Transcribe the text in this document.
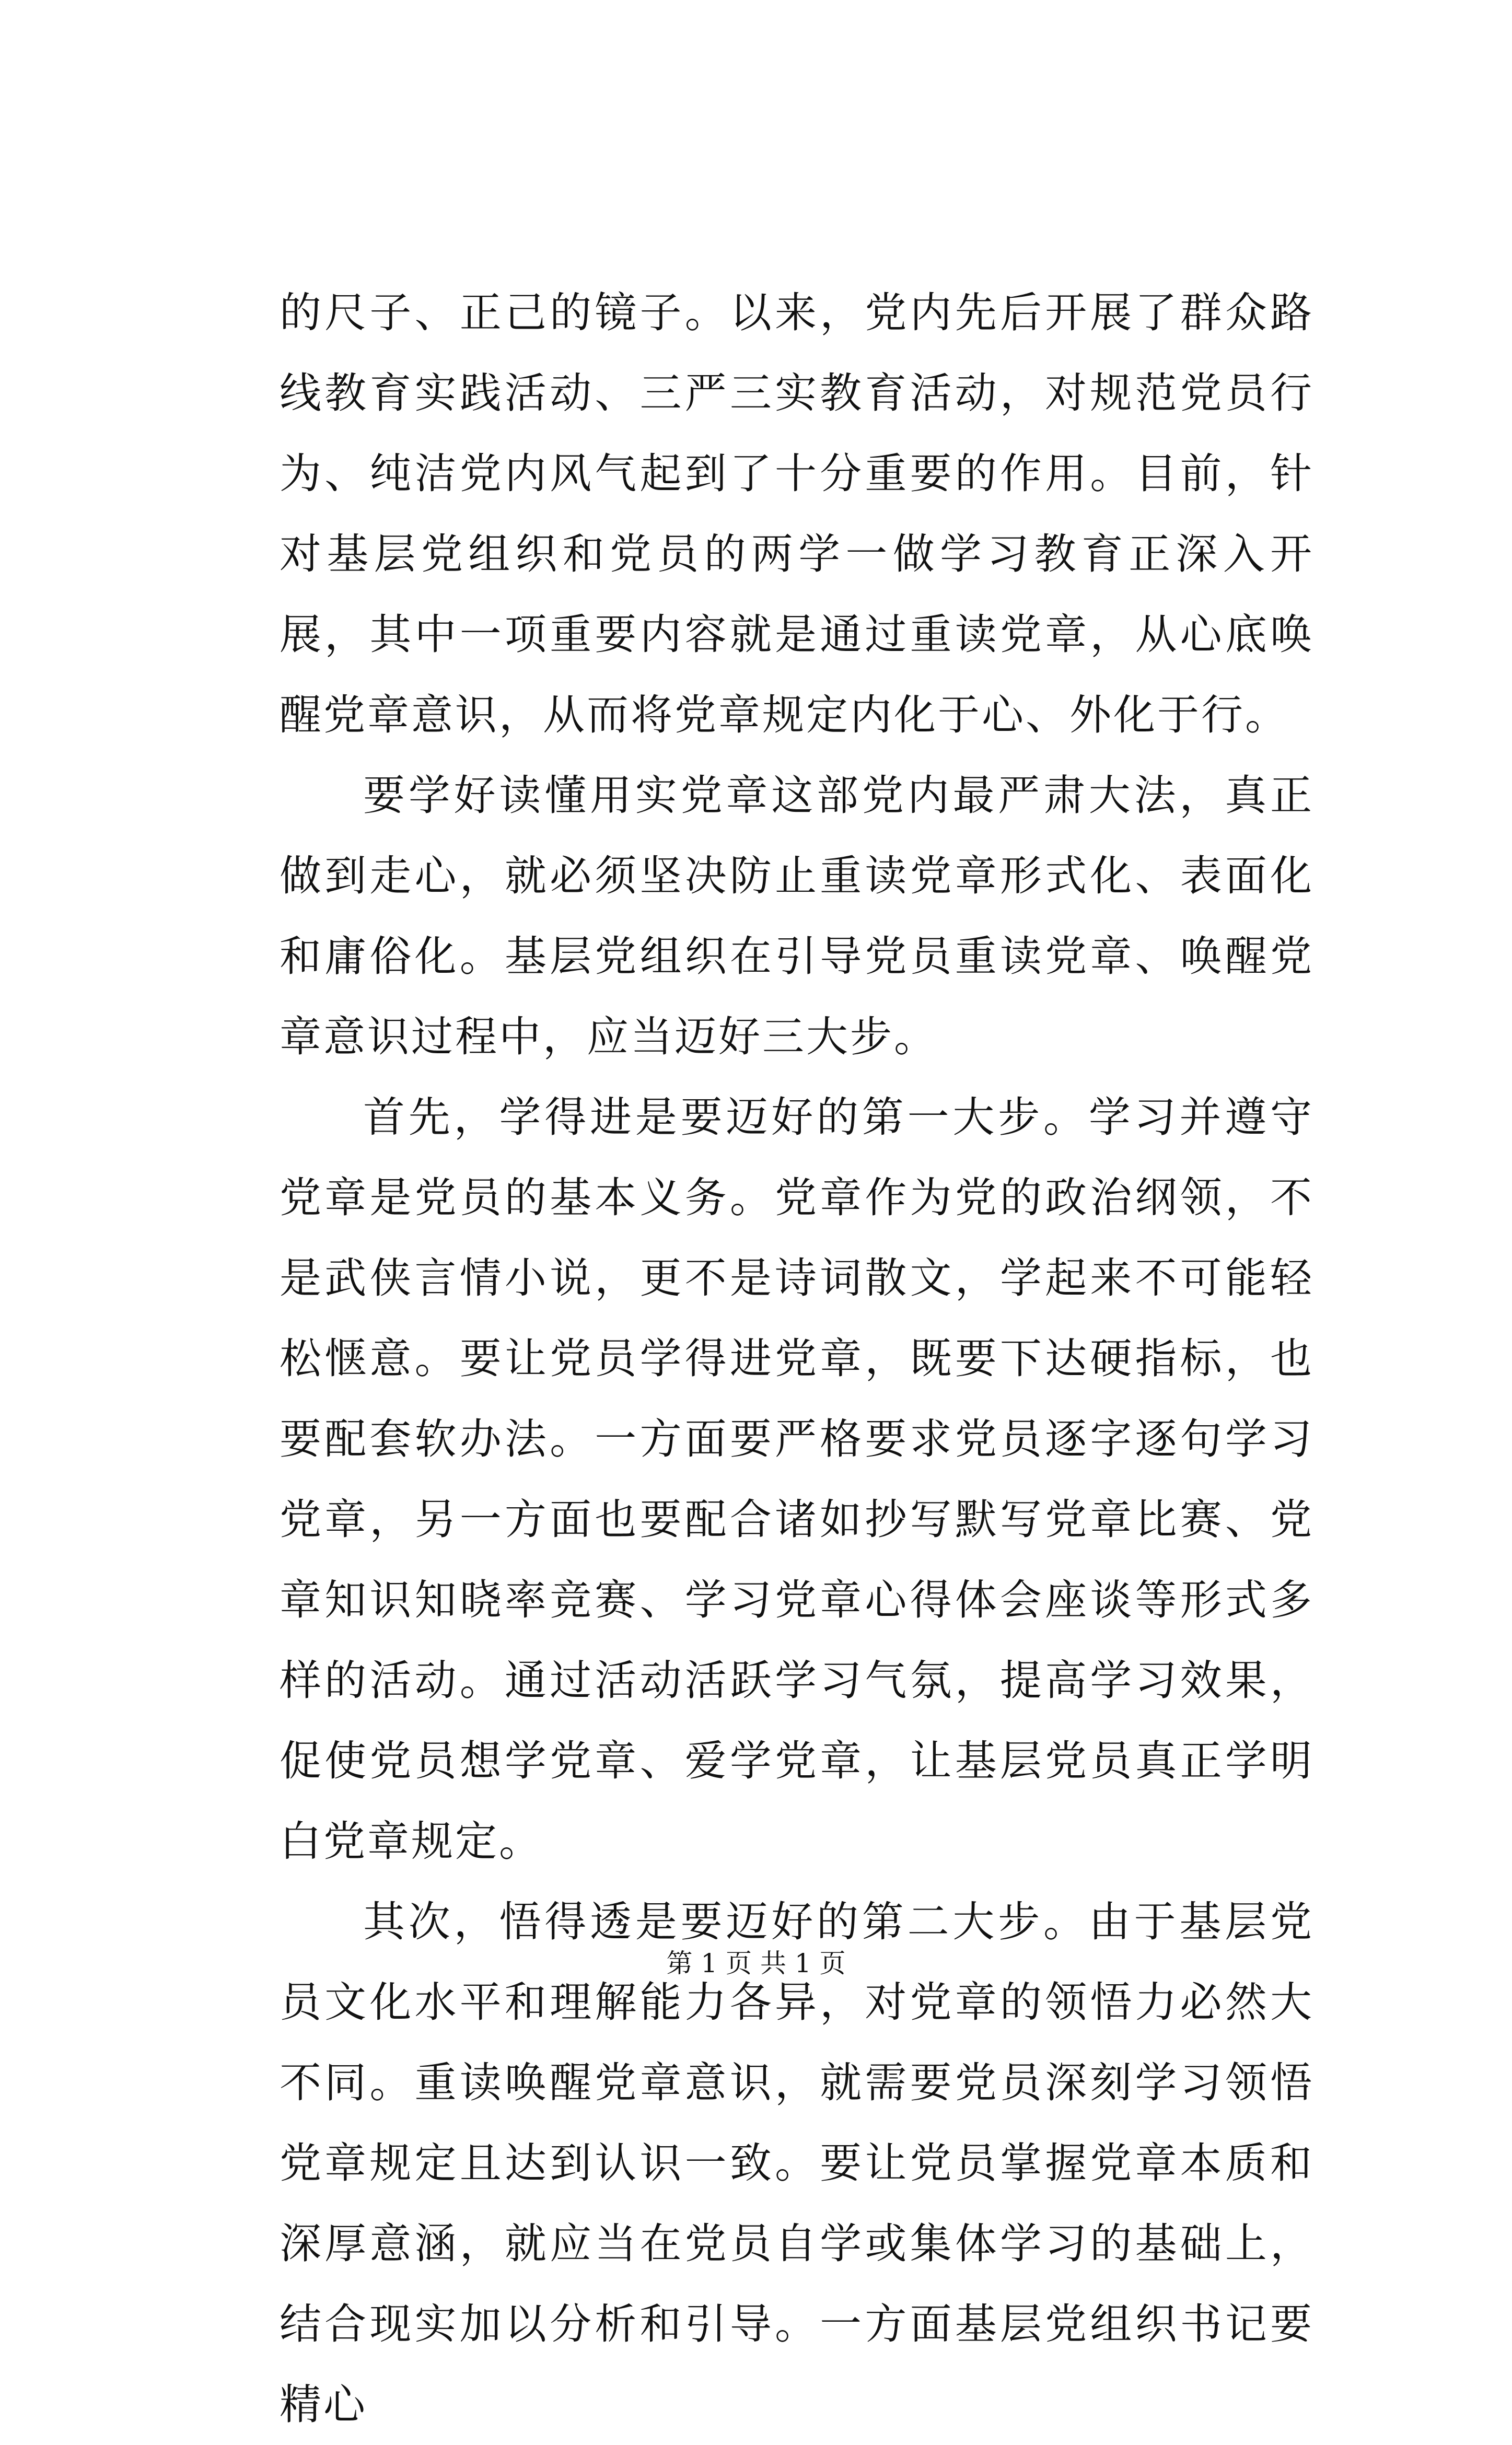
的尺子、正己的镜子。以来，党内先后开展了群众路线教育实践活动、三严三实教育活动，对规范党员行为、纯洁党内风气起到了十分重要的作用。目前，针对基层党组织和党员的两学一做学习教育正深入开展，其中一项重要内容就是通过重读党章，从心底唤醒党章意识，从而将党章规定内化于心、外化于行。

要学好读懂用实党章这部党内最严肃大法，真正做到走心，就必须坚决防止重读党章形式化、表面化和庸俗化。基层党组织在引导党员重读党章、唤醒党章意识过程中，应当迈好三大步。

首先，学得进是要迈好的第一大步。学习并遵守党章是党员的基本义务。党章作为党的政治纲领，不是武侠言情小说，更不是诗词散文，学起来不可能轻松惬意。要让党员学得进党章，既要下达硬指标，也要配套软办法。一方面要严格要求党员逐字逐句学习党章，另一方面也要配合诸如抄写默写党章比赛、党章知识知晓率竞赛、学习党章心得体会座谈等形式多样的活动。通过活动活跃学习气氛，提高学习效果，促使党员想学党章、爱学党章，让基层党员真正学明白党章规定。

其次，悟得透是要迈好的第二大步。由于基层党员文化水平和理解能力各异，对党章的领悟力必然大不同。重读唤醒党章意识，就需要党员深刻学习领悟党章规定且达到认识一致。要让党员掌握党章本质和深厚意涵，就应当在党员自学或集体学习的基础上，结合现实加以分析和引导。一方面基层党组织书记要精心

第 1 页 共 1 页
